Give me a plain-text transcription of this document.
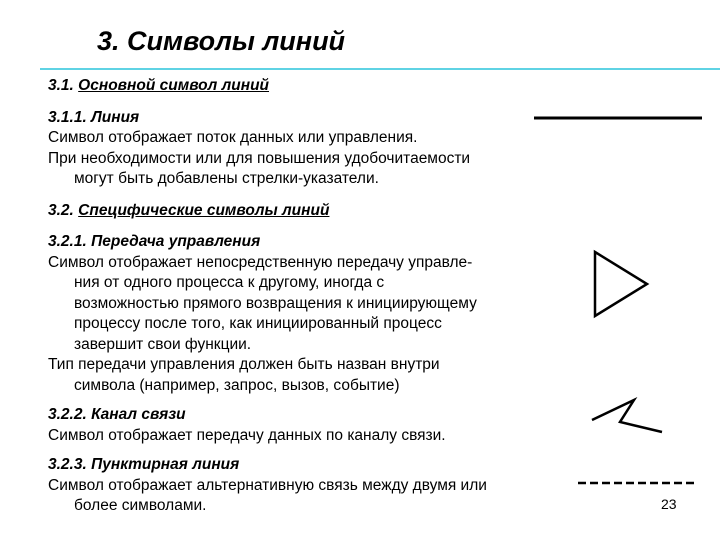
3. Символы линий
3.1. Основной символ линий
3.1.1. Линия
Символ отображает поток данных или управления.
При необходимости или для повышения удобочитаемости
могут быть добавлены стрелки-указатели.
3.2. Специфические символы линий
3.2.1. Передача управления
Символ отображает непосредственную передачу управле-
ния от одного процесса к другому, иногда с
возможностью прямого возвращения к инициирующему
процессу после того, как инициированный процесс
завершит свои функции.
Тип передачи управления должен быть назван внутри
символа (например, запрос, вызов, событие)
3.2.2. Канал связи
Символ отображает передачу данных по каналу связи.
3.2.3. Пунктирная линия
Символ отображает альтернативную связь между двумя или
более символами.	23
